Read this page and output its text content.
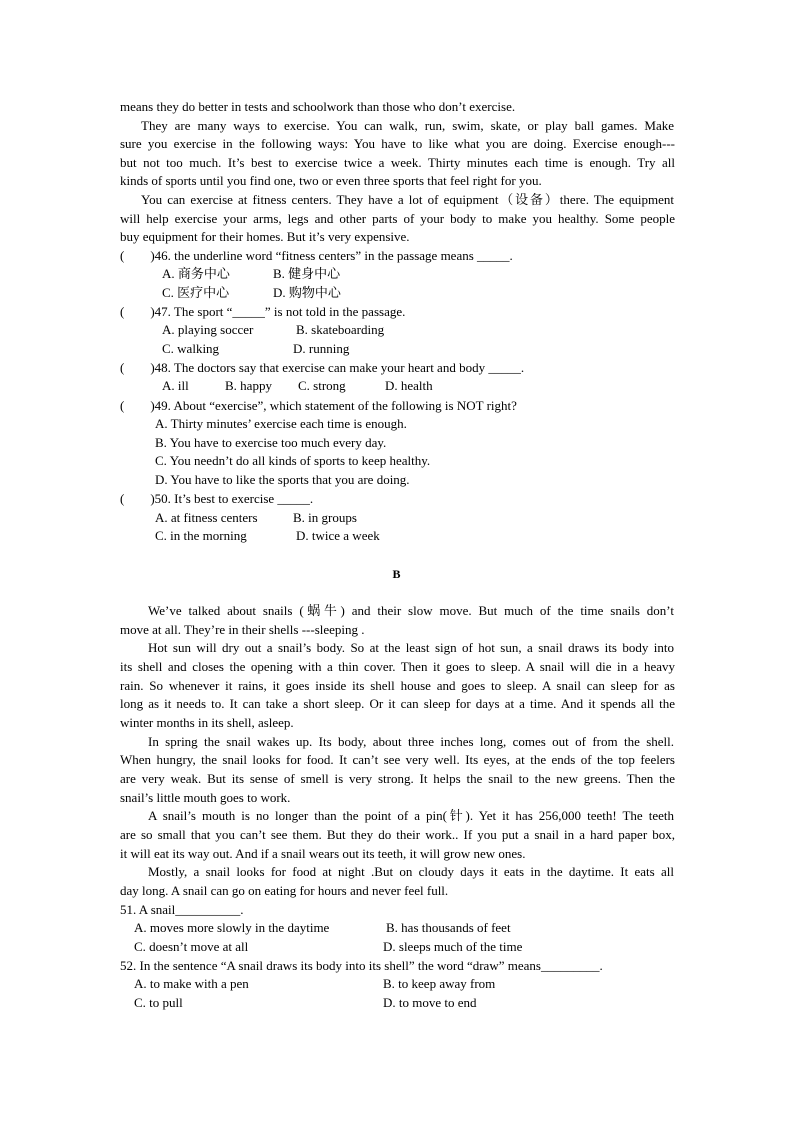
means they do better in tests and schoolwork than those who don’t exercise.
They are many ways to exercise. You can walk, run, swim, skate, or play ball games. Make
sure you exercise in the following ways: You have to like what you are doing. Exercise enough---
but not too much. It’s best to exercise twice a week. Thirty minutes each time is enough. Try all
kinds of sports until you find one, two or even three sports that feel right for you.
You can exercise at fitness centers. They have a lot of equipment（设备）there. The equipment
will help exercise your arms, legs and other parts of your body to make you healthy. Some people
buy equipment for their homes. But it’s very expensive.
(　　)46. the underline word “fitness centers” in the passage means _____.
A. 商务中心	B. 健身中心
C. 医疗中心	D. 购物中心
(　　)47. The sport “_____” is not told in the passage.
A. playing soccer	B. skateboarding
C. walking	D. running
(　　)48. The doctors say that exercise can make your heart and body _____.
A. ill	B. happy C. strong	D. health
(　　)49. About “exercise”, which statement of the following is NOT right?
A. Thirty minutes’ exercise each time is enough.
B. You have to exercise too much every day.
C. You needn’t do all kinds of sports to keep healthy.
D. You have to like the sports that you are doing.
(　　)50. It’s best to exercise _____.
A. at fitness centers	B. in groups
C. in the morning	D. twice a week
B
We’ve talked about snails (蜗牛) and their slow move. But much of the time snails don’t
move at all. They’re in their shells ---sleeping .
Hot sun will dry out a snail’s body. So at the least sign of hot sun, a snail draws its body into
its shell and closes the opening with a thin cover. Then it goes to sleep. A snail will die in a heavy
rain. So whenever it rains, it goes inside its shell house and goes to sleep. A snail can sleep for as
long as it needs to. It can take a short sleep. Or it can sleep for days at a time. And it spends all the
winter months in its shell, asleep.
In spring the snail wakes up. Its body, about three inches long, comes out of from the shell.
When hungry, the snail looks for food. It can’t see very well. Its eyes, at the ends of the top feelers
are very weak. But its sense of smell is very strong. It helps the snail to the new greens. Then the
snail’s little mouth goes to work.
A snail’s mouth is no longer than the point of a pin(针). Yet it has 256,000 teeth! The teeth
are so small that you can’t see them. But they do their work.. If you put a snail in a hard paper box,
it will eat its way out. And if a snail wears out its teeth, it will grow new ones.
Mostly, a snail looks for food at night .But on cloudy days it eats in the daytime. It eats all
day long. A snail can go on eating for hours and never feel full.
51. A snail__________.
A. moves more slowly in the daytime	B. has thousands of feet
C. doesn’t move at all	D. sleeps much of the time
52. In the sentence “A snail draws its body into its shell” the word “draw” means_________.
A. to make with a pen	B. to keep away from
C. to pull	D. to move to end
